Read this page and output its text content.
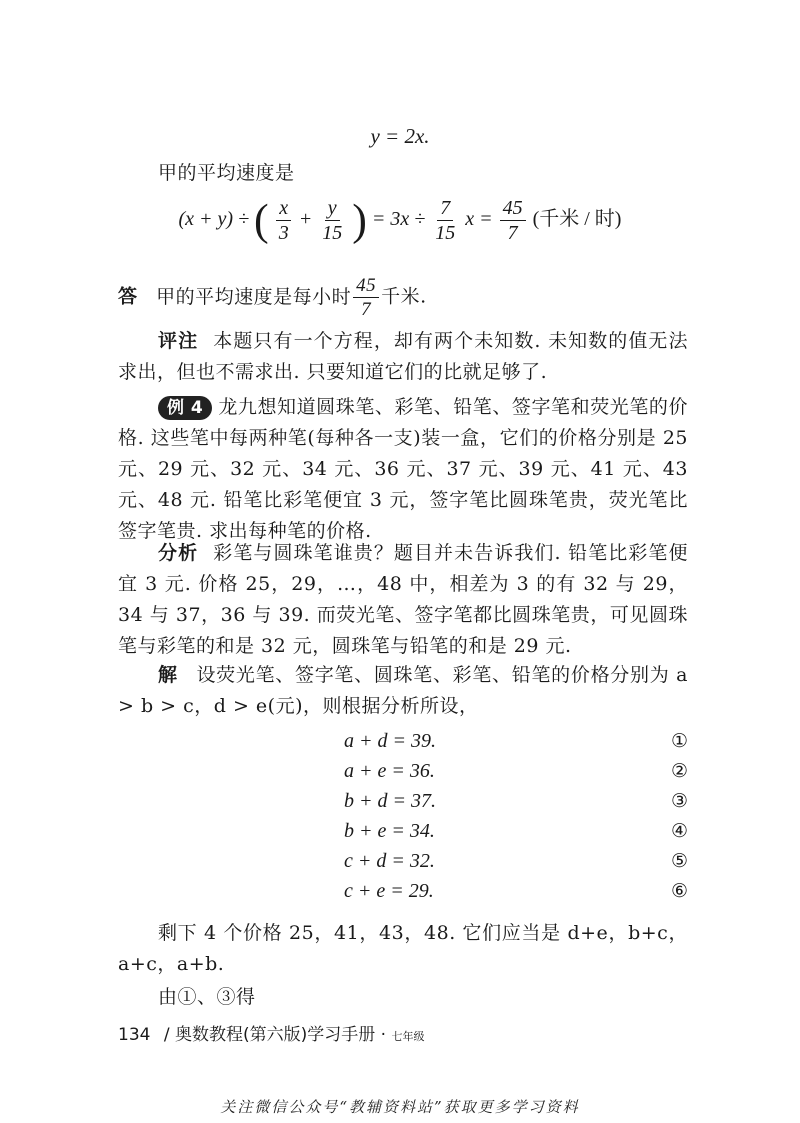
y = 2x.
甲的平均速度是
(x + y) ÷ ( $\frac{x}{3} + \frac{y}{15}$ ) = $3x \div \frac{7}{15}$ $x = \frac{45}{7}$ (千米 / 时)
答 甲的平均速度是每小时 $\frac{45}{7}$ 千米.
评注 本题只有一个方程，却有两个未知数. 未知数的值无法求出，但也不需求出. 只要知道它们的比就足够了.
例 4 龙九想知道圆珠笔、彩笔、铅笔、签字笔和荧光笔的价格. 这些笔中每两种笔(每种各一支)装一盒，它们的价格分别是 25 元、29 元、32 元、34 元、36 元、37 元、39 元、41 元、43 元、48 元. 铅笔比彩笔便宜 3 元，签字笔比圆珠笔贵，荧光笔比签字笔贵. 求出每种笔的价格.
分析 彩笔与圆珠笔谁贵？题目并未告诉我们. 铅笔比彩笔便宜 3 元. 价格 25，29，…，48 中，相差为 3 的有 32 与 29，34 与 37，36 与 39. 而荧光笔、签字笔都比圆珠笔贵，可见圆珠笔与彩笔的和是 32 元，圆珠笔与铅笔的和是 29 元.
解 设荧光笔、签字笔、圆珠笔、彩笔、铅笔的价格分别为 a > b > c，d > e(元)，则根据分析所设，
a + d = 39.	①
a + e = 36.	②
b + d = 37.	③
b + e = 34.	④
c + d = 32.	⑤
c + e = 29.	⑥
剩下 4 个价格 25，41，43，48. 它们应当是 d+e，b+c，a+c，a+b.
由①、③得
134 / 奥数教程(第六版)学习手册 · 七年级
关注微信公众号“教辅资料站”获取更多学习资料
